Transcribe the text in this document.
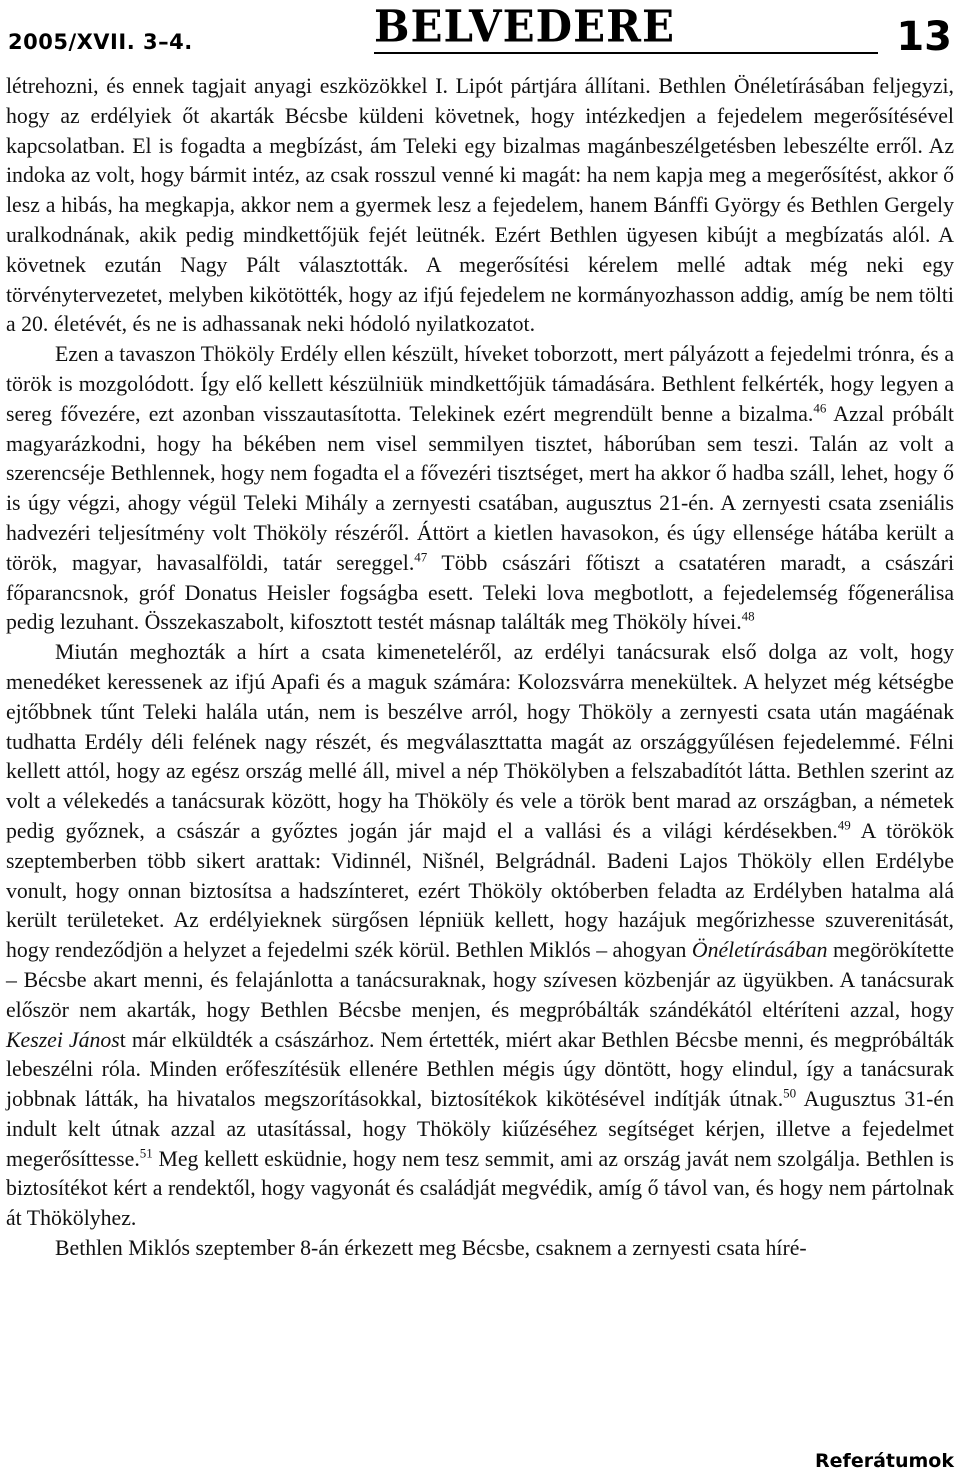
2005/XVII. 3–4.	BELVEDERE	13

létrehozni, és ennek tagjait anyagi eszközökkel I. Lipót pártjára állítani. Bethlen Önéletírásában feljegyzi, hogy az erdélyiek őt akarták Bécsbe küldeni követnek, hogy intézkedjen a fejedelem megerősítésével kapcsolatban. El is fogadta a megbízást, ám Teleki egy bizalmas magánbeszélgetésben lebeszélte erről. Az indoka az volt, hogy bármit intéz, az csak rosszul venné ki magát: ha nem kapja meg a megerősítést, akkor ő lesz a hibás, ha megkapja, akkor nem a gyermek lesz a fejedelem, hanem Bánffi György és Bethlen Gergely uralkodnának, akik pedig mindkettőjük fejét leütnék. Ezért Bethlen ügyesen kibújt a megbízatás alól. A követnek ezután Nagy Pált választották. A megerősítési kérelem mellé adtak még neki egy törvénytervezetet, melyben kikötötték, hogy az ifjú fejedelem ne kormányozhasson addig, amíg be nem tölti a 20. életévét, és ne is adhassanak neki hódoló nyilatkozatot.

Ezen a tavaszon Thököly Erdély ellen készült, híveket toborzott, mert pályázott a fejedelmi trónra, és a török is mozgolódott. Így elő kellett készülniük mindkettőjük támadására. Bethlent felkérték, hogy legyen a sereg fővezére, ezt azonban visszautasította. Telekinek ezért megrendült benne a bizalma.$^{46}$ Azzal próbált magyarázkodni, hogy ha békében nem visel semmilyen tisztet, háborúban sem teszi. Talán az volt a szerencséje Bethlennek, hogy nem fogadta el a fővezéri tisztséget, mert ha akkor ő hadba száll, lehet, hogy ő is úgy végzi, ahogy végül Teleki Mihály a zernyesti csatában, augusztus 21-én. A zernyesti csata zseniális hadvezéri teljesítmény volt Thököly részéről. Áttört a kietlen havasokon, és úgy ellensége hátába került a török, magyar, havasalföldi, tatár sereggel.$^{47}$ Több császári főtiszt a csatatéren maradt, a császári főparancsnok, gróf Donatus Heisler fogságba esett. Teleki lova megbotlott, a fejedelemség főgenerálisa pedig lezuhant. Összekaszabolt, kifosztott testét másnap találták meg Thököly hívei.$^{48}$

Miután meghozták a hírt a csata kimeneteléről, az erdélyi tanácsurak első dolga az volt, hogy menedéket keressenek az ifjú Apafi és a maguk számára: Kolozsvárra menekültek. A helyzet még kétségbe ejtőbbnek tűnt Teleki halála után, nem is beszélve arról, hogy Thököly a zernyesti csata után magáénak tudhatta Erdély déli felének nagy részét, és megválaszttatta magát az országgyűlésen fejedelemmé. Félni kellett attól, hogy az egész ország mellé áll, mivel a nép Thökölyben a felszabadítót látta. Bethlen szerint az volt a vélekedés a tanácsurak között, hogy ha Thököly és vele a török bent marad az országban, a németek pedig győznek, a császár a győztes jogán jár majd el a vallási és a világi kérdésekben.$^{49}$ A törökök szeptemberben több sikert arattak: Vidinnél, Nišnél, Belgrádnál. Badeni Lajos Thököly ellen Erdélybe vonult, hogy onnan biztosítsa a hadszínteret, ezért Thököly októberben feladta az Erdélyben hatalma alá került területeket. Az erdélyieknek sürgősen lépniük kellett, hogy hazájuk megőrizhesse szuverenitását, hogy rendeződjön a helyzet a fejedelmi szék körül. Bethlen Miklós – ahogyan Önéletírásában megörökítette – Bécsbe akart menni, és felajánlotta a tanácsuraknak, hogy szívesen közbenjár az ügyükben. A tanácsurak először nem akarták, hogy Bethlen Bécsbe menjen, és megpróbálták szándékától eltéríteni azzal, hogy Keszei Jánost már elküldték a császárhoz. Nem értették, miért akar Bethlen Bécsbe menni, és megpróbálták lebeszélni róla. Minden erőfeszítésük ellenére Bethlen mégis úgy döntött, hogy elindul, így a tanácsurak jobbnak látták, ha hivatalos megszorításokkal, biztosítékok kikötésével indítják útnak.$^{50}$ Augusztus 31-én indult kelt útnak azzal az utasítással, hogy Thököly kiűzéséhez segítséget kérjen, illetve a fejedelmet megerősíttesse.$^{51}$ Meg kellett esküdnie, hogy nem tesz semmit, ami az ország javát nem szolgálja. Bethlen is biztosítékot kért a rendektől, hogy vagyonát és családját megvédik, amíg ő távol van, és hogy nem pártolnak át Thökölyhez.

Bethlen Miklós szeptember 8-án érkezett meg Bécsbe, csaknem a zernyesti csata híré-

Referátumok
